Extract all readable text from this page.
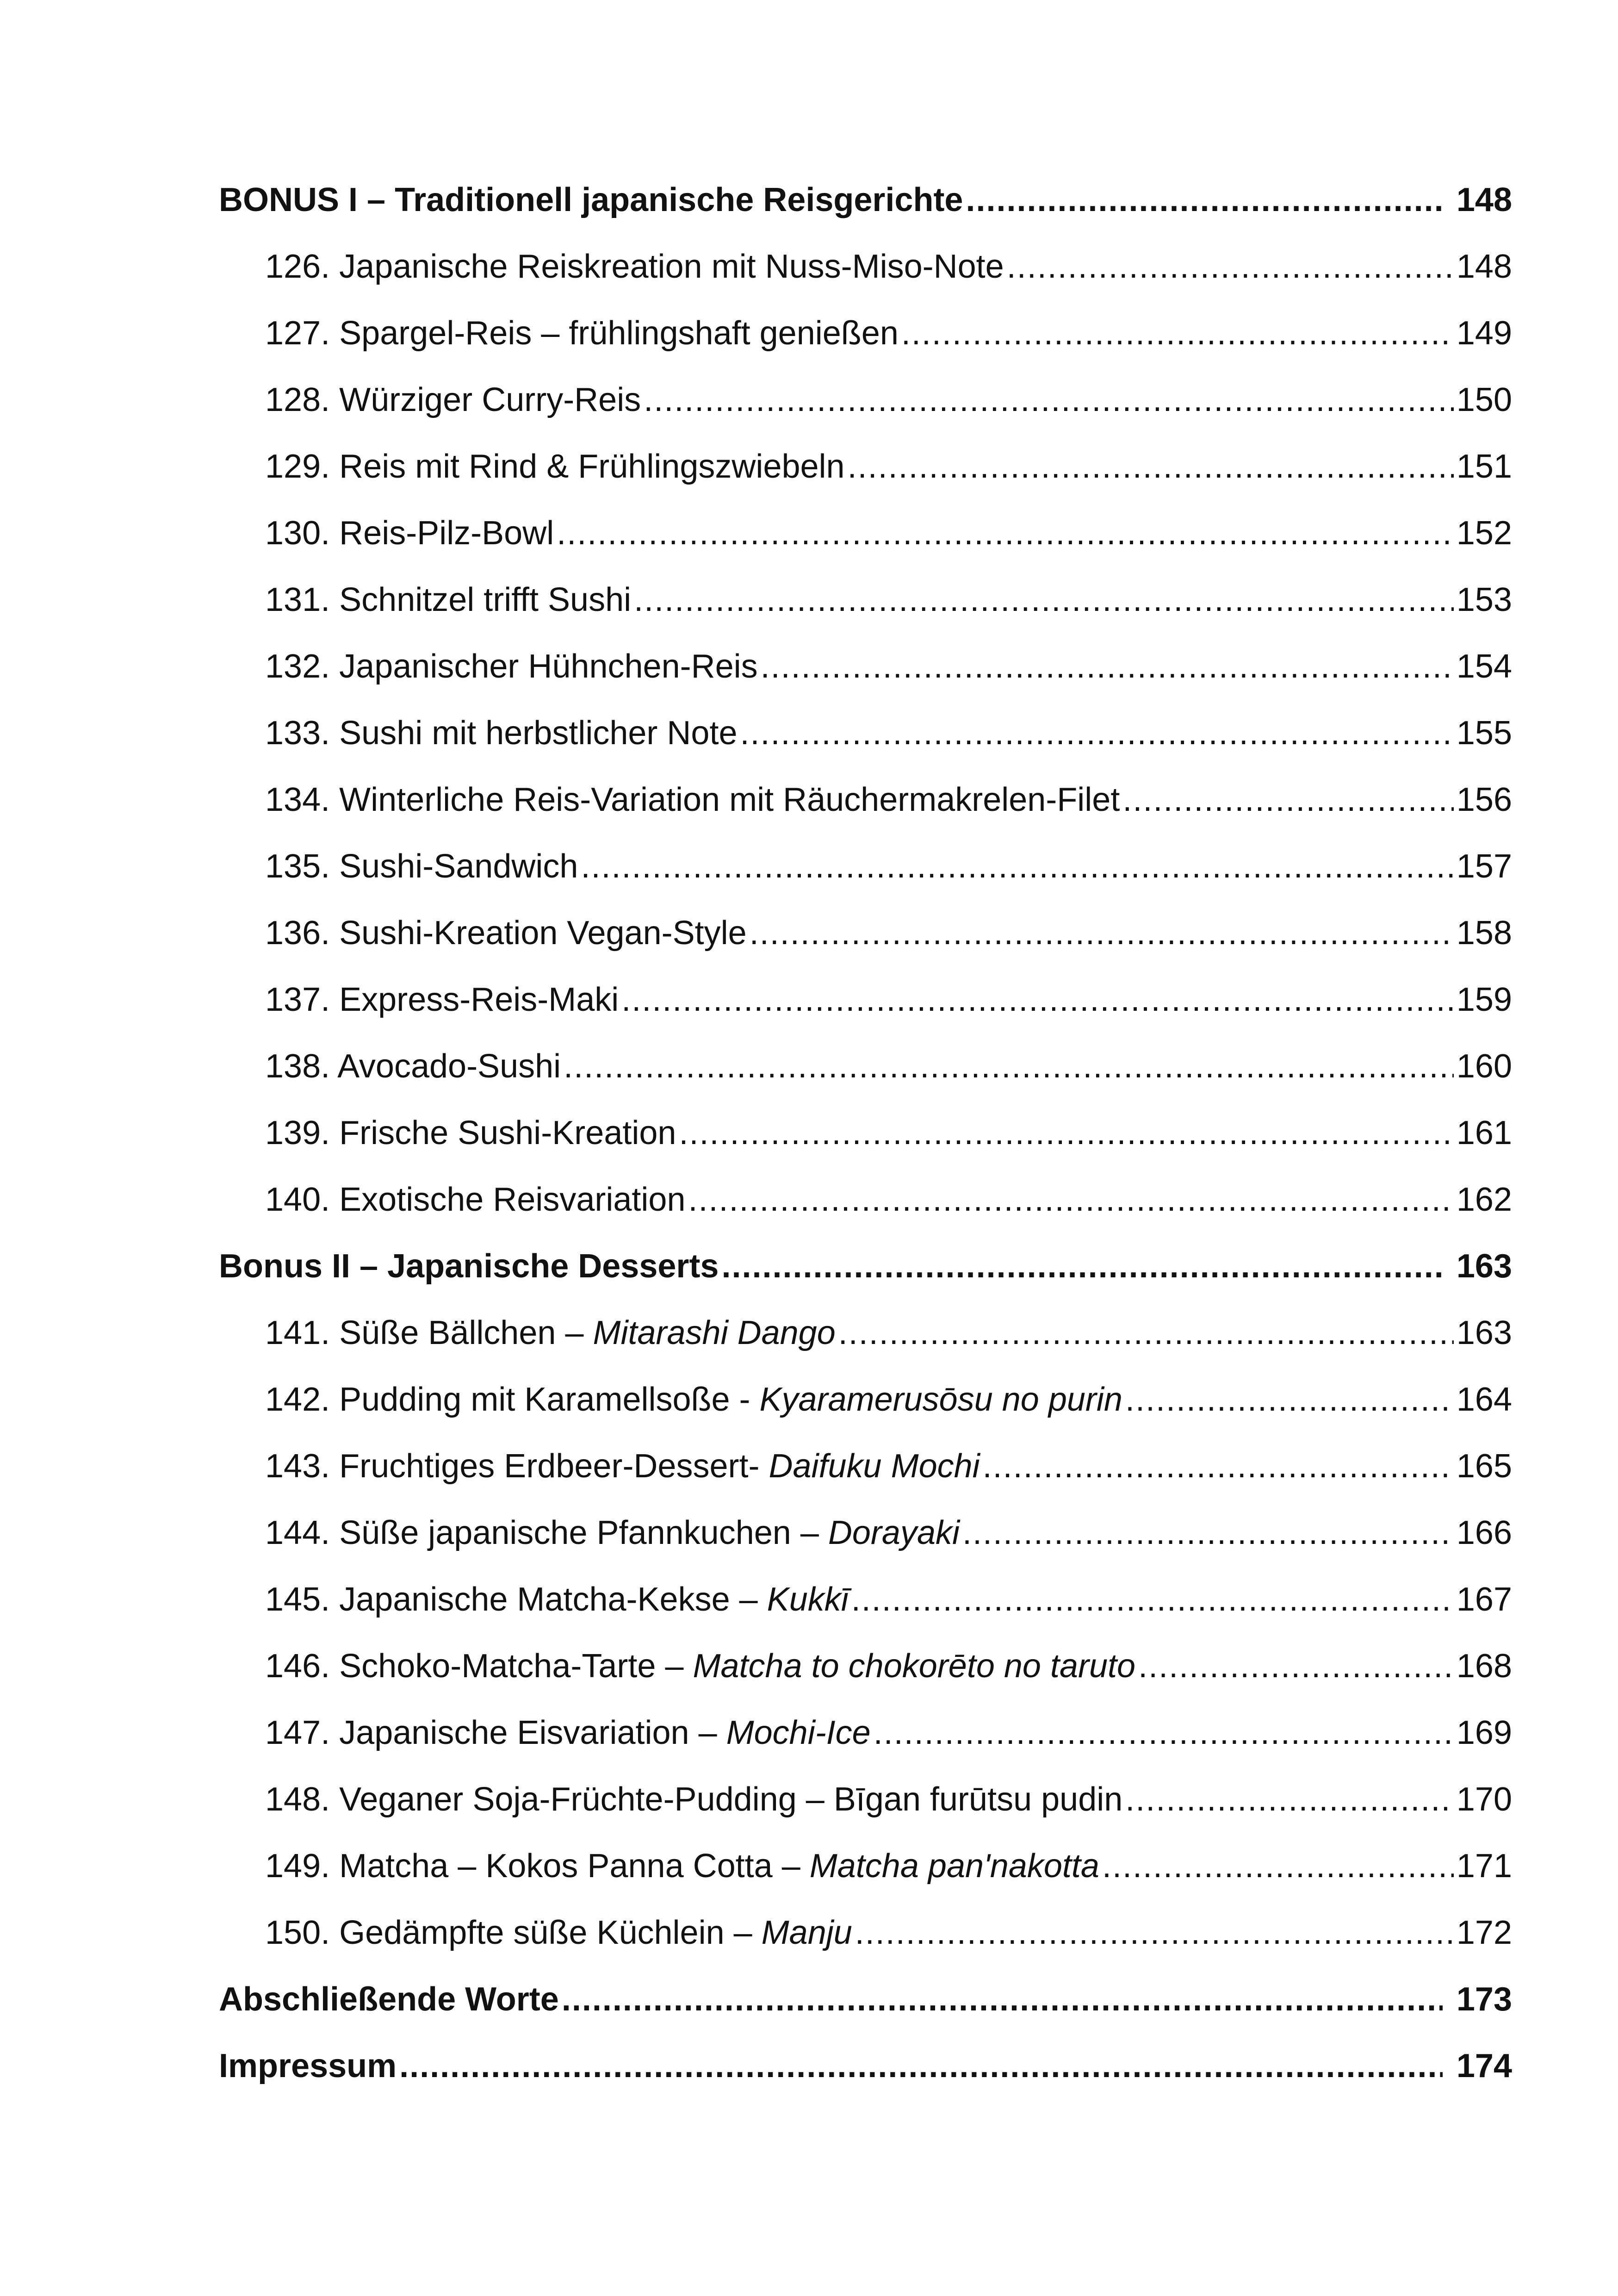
BONUS I – Traditionell japanische Reisgerichte .....	148
126. Japanische Reiskreation mit Nuss-Miso-Note .....	148
127. Spargel-Reis – frühlingshaft genießen .....	149
128. Würziger Curry-Reis .....	150
129. Reis mit Rind & Frühlingszwiebeln .....	151
130. Reis-Pilz-Bowl .....	152
131. Schnitzel trifft Sushi .....	153
132. Japanischer Hühnchen-Reis .....	154
133. Sushi mit herbstlicher Note .....	155
134. Winterliche Reis-Variation mit Räuchermakrelen-Filet .....	156
135. Sushi-Sandwich .....	157
136. Sushi-Kreation Vegan-Style .....	158
137. Express-Reis-Maki .....	159
138. Avocado-Sushi .....	160
139. Frische Sushi-Kreation .....	161
140. Exotische Reisvariation .....	162
Bonus II – Japanische Desserts .....	163
141. Süße Bällchen – Mitarashi Dango .....	163
142. Pudding mit Karamellsoße - Kyaramerusōsu no purin .....	164
143. Fruchtiges Erdbeer-Dessert- Daifuku Mochi .....	165
144. Süße japanische Pfannkuchen – Dorayaki .....	166
145. Japanische Matcha-Kekse – Kukkī .....	167
146. Schoko-Matcha-Tarte – Matcha to chokorēto no taruto .....	168
147. Japanische Eisvariation – Mochi-Ice .....	169
148. Veganer Soja-Früchte-Pudding – Bīgan furūtsu pudin .....	170
149. Matcha – Kokos Panna Cotta – Matcha pan'nakotta .....	171
150. Gedämpfte süße Küchlein – Manju .....	172
Abschließende Worte .....	173
Impressum .....	174
